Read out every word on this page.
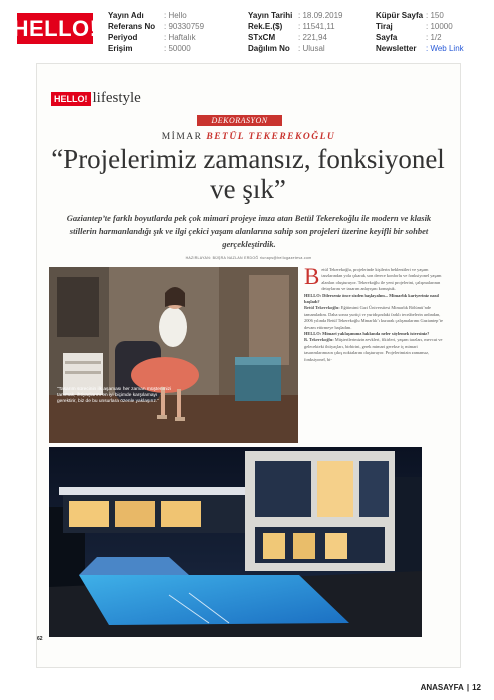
HELLO! Yayın Adı	: Hello
Referans No	: 90330759
Periyod	: Haftalık
Erişim	: 50000
Yayın Tarihi : 18.09.2019
Rek.E.($)	: 11541,11
STxCM	: 221,94
Dağılım No	: Ulusal
Küpür Sayfa : 150
Tiraj	: 10000
Sayfa	: 1/2
Newsletter	: Web Link
HELLO! lifestyle
DEKORASYON
MİMAR BETÜL TEKEREKOĞLU
“Projelerimiz zamansız, fonksiyonel ve şık”
Gaziantep’te farklı boyutlarda pek çok mimari projeye imza atan Betül Tekerekoğlu ile modern ve klasik stillerin harmanlandığı şık ve ilgi çekici yaşam alanlarına sahip son projeleri üzerine keyifli bir sohbet gerçekleştirdik.
HAZIRLAYAN: BÜŞRA NAZLAN ERDOĞ riunaps@hellogazeteva.com
“Tasarım sürecinin ilk aşaması her zaman müşterimizi tanımak, ihtiyaçlarını en iyi biçimde karşılamayı gerektirir, biz de bu unsurlara özenle yaklaşırız.”
B etül Tekerekoğlu, projelerinde kişilerin beklentileri ve yaşam tarzlarından yola çıkarak, son derece konforlu ve fonksiyonel yaşam alanları oluşturuyor. Tekerekoğlu ile yeni projelerini, çalışmalarının detaylarını ve tasarım anlayışını konuştuk.

HELLO: Dilerseniz önce sizden başlayalım... Mimarlık kariyeriniz nasıl başladı?

Betül Tekerekoğlu: Eğitimimi Gazi Üniversitesi Mimarlık Bölümü’nde tamamladım. Daha sonra yurtiçi ve yurtdışındaki farklı tecrübelerin ardından, 2006 yılında Betül Tekerekoğlu Mimarlık’ı kurarak çalışmalarımı Gaziantep’te devam ettirmeye başladım.

HELLO: Mimari yaklaşımınız hakkında neler söylemek istersiniz?

B. Tekerekoğlu: Müşterilerimizin zevkleri, fikirleri, yaşam tarzları, mevcut ve gelecekteki ihtiyaçları, birbirini, gerek mimari gerekse iç mimari tasarımlarımızın çıkış noktalarını oluşturuyor. Projelerimizin zamansız, fonksiyonel, bi-

62
ANASAYFA | 12
